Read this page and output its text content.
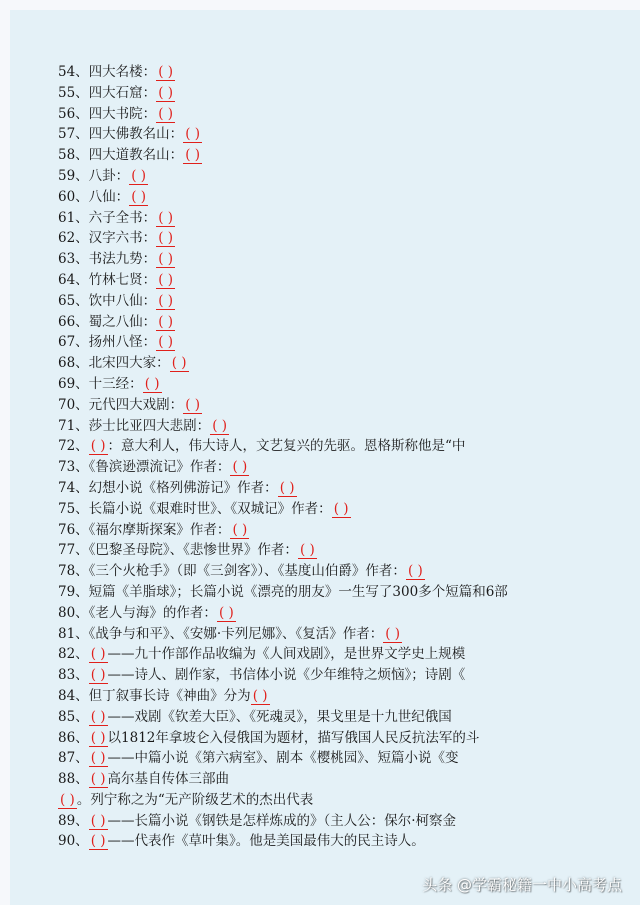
54、四大名楼： ( )
55、四大石窟： ( )
56、四大书院： ( )
57、四大佛教名山： ( )
58、四大道教名山： ( )
59、八卦： ( )
60、八仙： ( )
61、六子全书： ( )
62、汉字六书： ( )
63、书法九势： ( )
64、竹林七贤： ( )
65、饮中八仙： ( )
66、蜀之八仙： ( )
67、扬州八怪： ( )
68、北宋四大家： ( )
69、十三经： ( )
70、元代四大戏剧： ( )
71、莎士比亚四大悲剧： ( )
72、 ( ) ：意大利人，伟大诗人，文艺复兴的先驱。恩格斯称他是“中
73、《鲁滨逊漂流记》作者： ( )
74、幻想小说《格列佛游记》作者： ( )
75、长篇小说《艰难时世》、《双城记》作者： ( )
76、《福尔摩斯探案》作者： ( )
77、《巴黎圣母院》、《悲惨世界》作者： ( )
78、《三个火枪手》（即《三剑客》）、《基度山伯爵》作者： ( )
79、短篇《羊脂球》；长篇小说《漂亮的朋友》一生写了300多个短篇和6部
80、《老人与海》的作者： ( )
81、《战争与和平》、《安娜·卡列尼娜》、《复活》作者： ( )
82、 ( ) ——九十作部作品收编为《人间戏剧》，是世界文学史上规模
83、 ( ) ——诗人、剧作家，书信体小说《少年维特之烦恼》；诗剧《
84、但丁叙事长诗《神曲》分为 ( )
85、 ( ) ——戏剧《钦差大臣》、《死魂灵》，果戈里是十九世纪俄国
86、 ( ) 以1812年拿坡仑入侵俄国为题材，描写俄国人民反抗法军的斗
87、 ( ) ——中篇小说《第六病室》、剧本《樱桃园》、短篇小说《变
88、 ( ) 高尔基自传体三部曲
( ) 。列宁称之为“无产阶级艺术的杰出代表
89、 ( ) ——长篇小说《钢铁是怎样炼成的》（主人公：保尔·柯察金
90、 ( ) ——代表作《草叶集》。他是美国最伟大的民主诗人。
头条 @学霸秘籍一中小高考点
